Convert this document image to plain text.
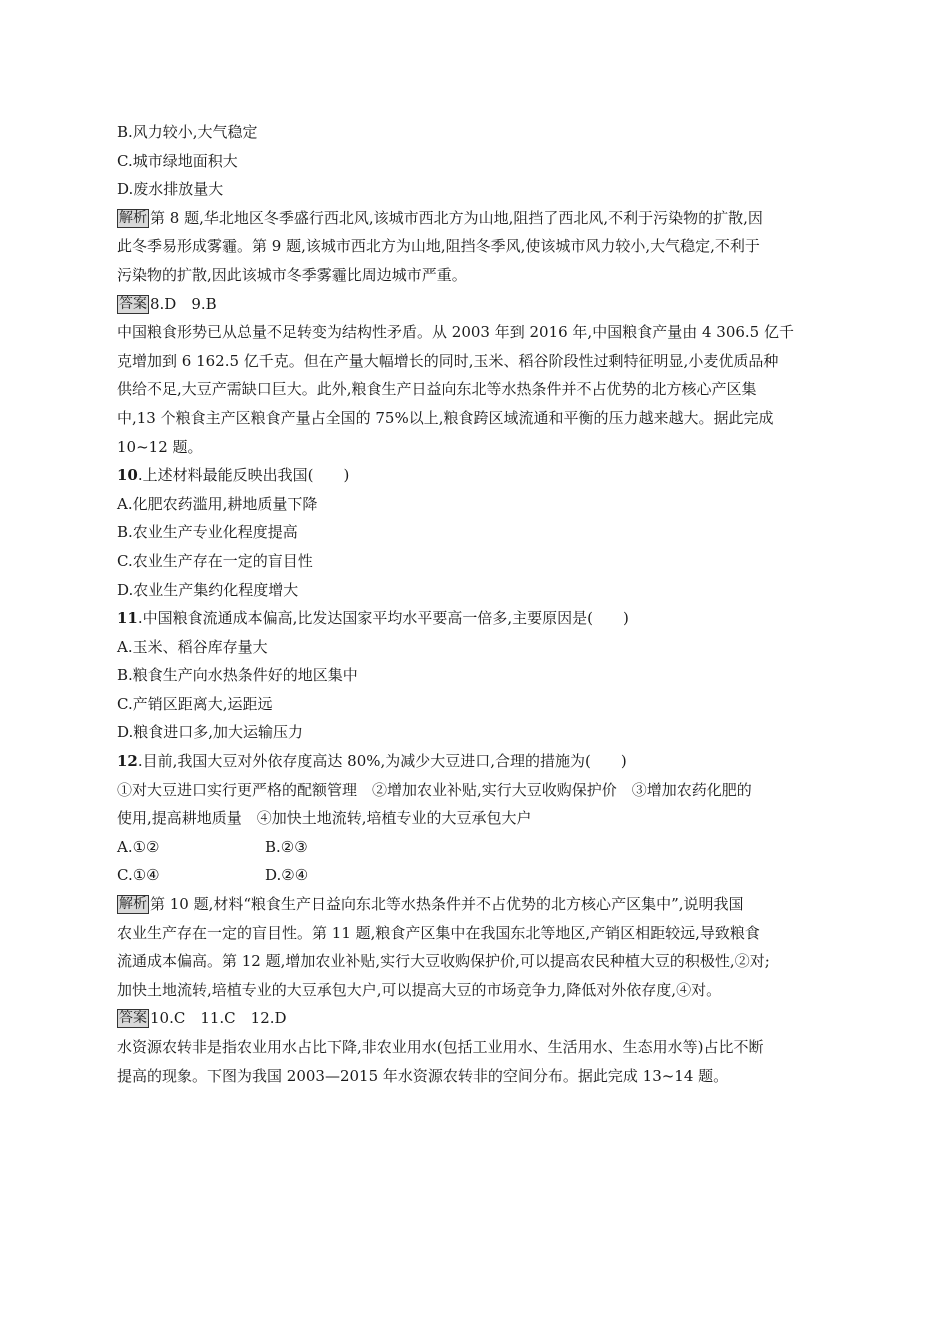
B.风力较小,大气稳定
C.城市绿地面积大
D.废水排放量大
解析 第 8 题,华北地区冬季盛行西北风,该城市西北方为山地,阻挡了西北风,不利于污染物的扩散,因
此冬季易形成雾霾。第 9 题,该城市西北方为山地,阻挡冬季风,使该城市风力较小,大气稳定,不利于
污染物的扩散,因此该城市冬季雾霾比周边城市严重。
答案 8.D　9.B
中国粮食形势已从总量不足转变为结构性矛盾。从 2003 年到 2016 年,中国粮食产量由 4 306.5 亿千
克增加到 6 162.5 亿千克。但在产量大幅增长的同时,玉米、稻谷阶段性过剩特征明显,小麦优质品种
供给不足,大豆产需缺口巨大。此外,粮食生产日益向东北等水热条件并不占优势的北方核心产区集
中,13 个粮食主产区粮食产量占全国的 75%以上,粮食跨区域流通和平衡的压力越来越大。据此完成
10~12 题。
10.上述材料最能反映出我国(　　)
A.化肥农药滥用,耕地质量下降
B.农业生产专业化程度提高
C.农业生产存在一定的盲目性
D.农业生产集约化程度增大
11.中国粮食流通成本偏高,比发达国家平均水平要高一倍多,主要原因是(　　)
A.玉米、稻谷库存量大
B.粮食生产向水热条件好的地区集中
C.产销区距离大,运距远
D.粮食进口多,加大运输压力
12.目前,我国大豆对外依存度高达 80%,为减少大豆进口,合理的措施为(　　)
①对大豆进口实行更严格的配额管理　②增加农业补贴,实行大豆收购保护价　③增加农药化肥的
使用,提高耕地质量　④加快土地流转,培植专业的大豆承包大户
A.①②	B.②③
C.①④	D.②④
解析 第 10 题,材料“粮食生产日益向东北等水热条件并不占优势的北方核心产区集中”,说明我国
农业生产存在一定的盲目性。第 11 题,粮食产区集中在我国东北等地区,产销区相距较远,导致粮食
流通成本偏高。第 12 题,增加农业补贴,实行大豆收购保护价,可以提高农民种植大豆的积极性,②对;
加快土地流转,培植专业的大豆承包大户,可以提高大豆的市场竞争力,降低对外依存度,④对。
答案 10.C　11.C　12.D
水资源农转非是指农业用水占比下降,非农业用水(包括工业用水、生活用水、生态用水等)占比不断
提高的现象。下图为我国 2003—2015 年水资源农转非的空间分布。据此完成 13~14 题。
